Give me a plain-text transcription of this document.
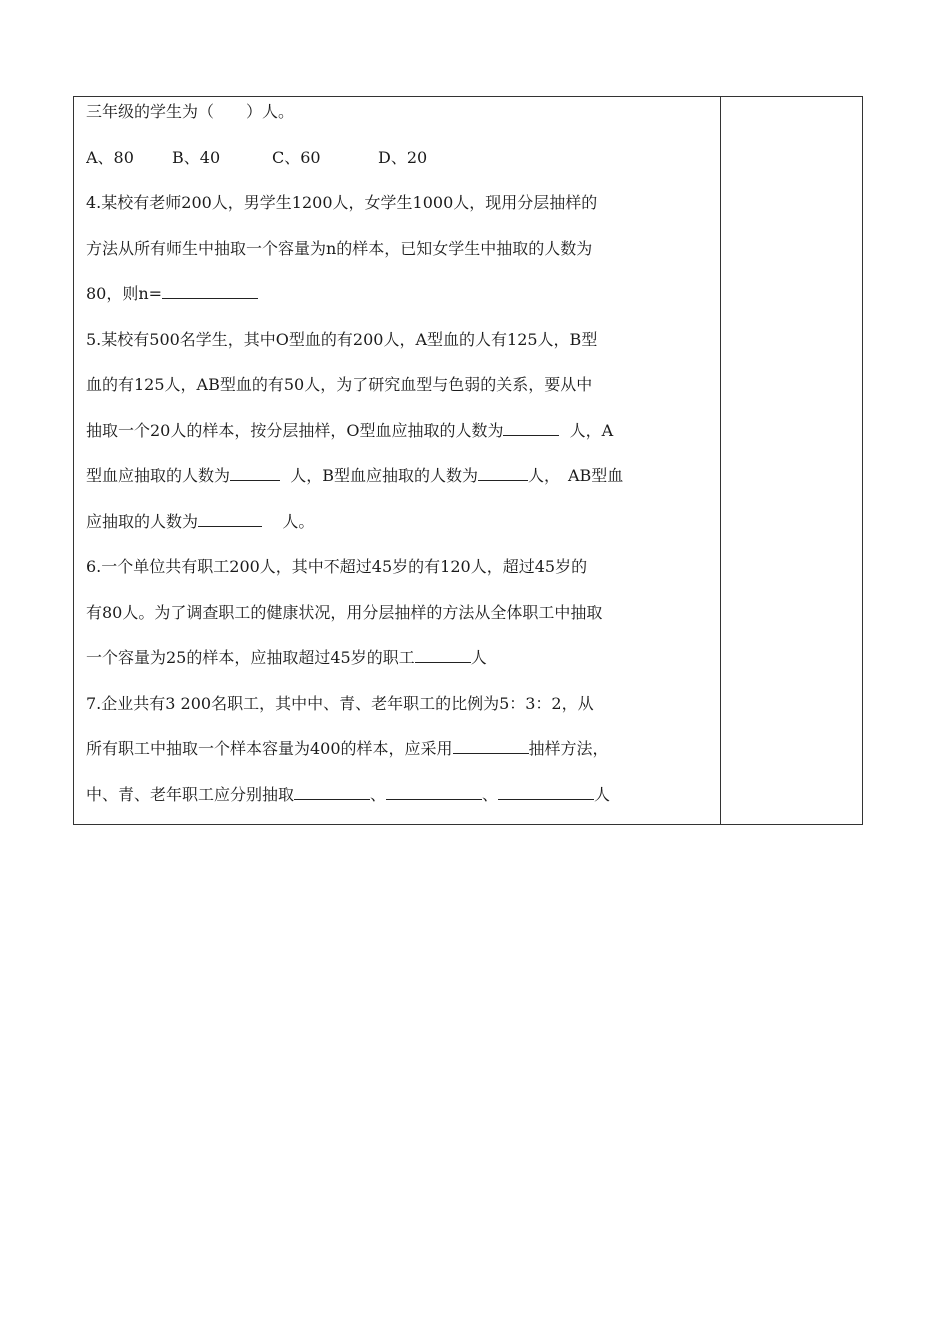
三年级的学生为（　　）人。
A、80 B、40	C、60	D、20
4.某校有老师200人，男学生1200人，女学生1000人，现用分层抽样的
方法从所有师生中抽取一个容量为n的样本，已知女学生中抽取的人数为
80，则n=
5.某校有500名学生，其中O型血的有200人，A型血的人有125人，B型
血的有125人，AB型血的有50人，为了研究血型与色弱的关系，要从中
抽取一个20人的样本，按分层抽样，O型血应抽取的人数为	人，A
型血应抽取的人数为	人，B型血应抽取的人数为	人，　AB型血
应抽取的人数为	人。
6.一个单位共有职工200人，其中不超过45岁的有120人，超过45岁的
有80人。为了调查职工的健康状况，用分层抽样的方法从全体职工中抽取
一个容量为25的样本，应抽取超过45岁的职工	人
7.企业共有3 200名职工，其中中、青、老年职工的比例为5：3：2，从
所有职工中抽取一个样本容量为400的样本，应采用	抽样方法，
中、青、老年职工应分别抽取	、	、	人
